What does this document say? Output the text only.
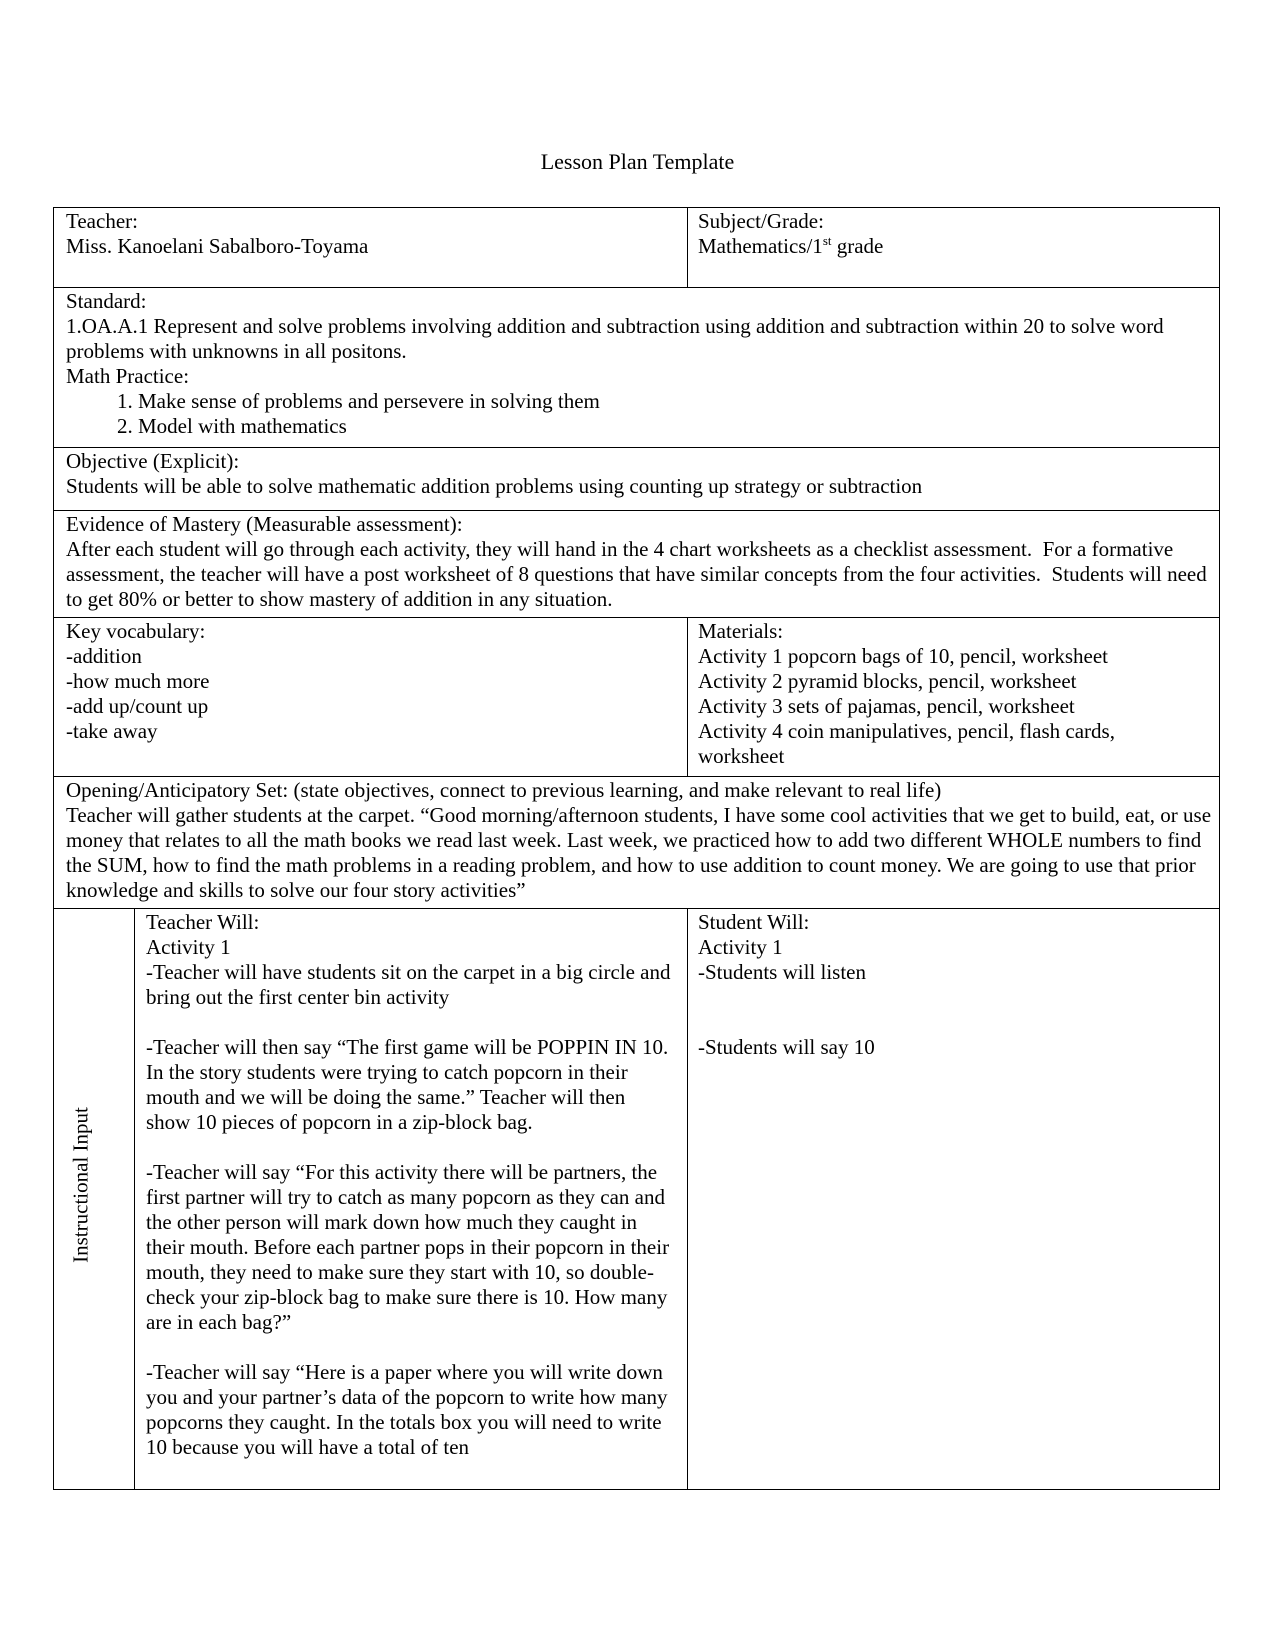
Lesson Plan Template
Teacher:
Miss. Kanoelani Sabalboro-Toyama
Subject/Grade:
Mathematics/1st grade
Standard:
1.OA.A.1 Represent and solve problems involving addition and subtraction using addition and subtraction within 20 to solve word problems with unknowns in all positons.
Math Practice:
1. Make sense of problems and persevere in solving them
2. Model with mathematics
Objective (Explicit):
Students will be able to solve mathematic addition problems using counting up strategy or subtraction
Evidence of Mastery (Measurable assessment):
After each student will go through each activity, they will hand in the 4 chart worksheets as a checklist assessment.  For a formative assessment, the teacher will have a post worksheet of 8 questions that have similar concepts from the four activities.  Students will need to get 80% or better to show mastery of addition in any situation.
Key vocabulary:
-addition
-how much more
-add up/count up
-take away
Materials:
Activity 1 popcorn bags of 10, pencil, worksheet
Activity 2 pyramid blocks, pencil, worksheet
Activity 3 sets of pajamas, pencil, worksheet
Activity 4 coin manipulatives, pencil, flash cards, worksheet
Opening/Anticipatory Set: (state objectives, connect to previous learning, and make relevant to real life)
Teacher will gather students at the carpet. “Good morning/afternoon students, I have some cool activities that we get to build, eat, or use money that relates to all the math books we read last week. Last week, we practiced how to add two different WHOLE numbers to find the SUM, how to find the math problems in a reading problem, and how to use addition to count money. We are going to use that prior knowledge and skills to solve our four story activities”
Instructional Input
Teacher Will:
Activity 1
-Teacher will have students sit on the carpet in a big circle and bring out the first center bin activity
-Teacher will then say “The first game will be POPPIN IN 10. In the story students were trying to catch popcorn in their mouth and we will be doing the same.” Teacher will then show 10 pieces of popcorn in a zip-block bag.
-Teacher will say “For this activity there will be partners, the first partner will try to catch as many popcorn as they can and the other person will mark down how much they caught in their mouth. Before each partner pops in their popcorn in their mouth, they need to make sure they start with 10, so double-check your zip-block bag to make sure there is 10. How many are in each bag?”
-Teacher will say “Here is a paper where you will write down you and your partner’s data of the popcorn to write how many popcorns they caught. In the totals box you will need to write 10 because you will have a total of ten
Student Will:
Activity 1
-Students will listen
-Students will say 10
